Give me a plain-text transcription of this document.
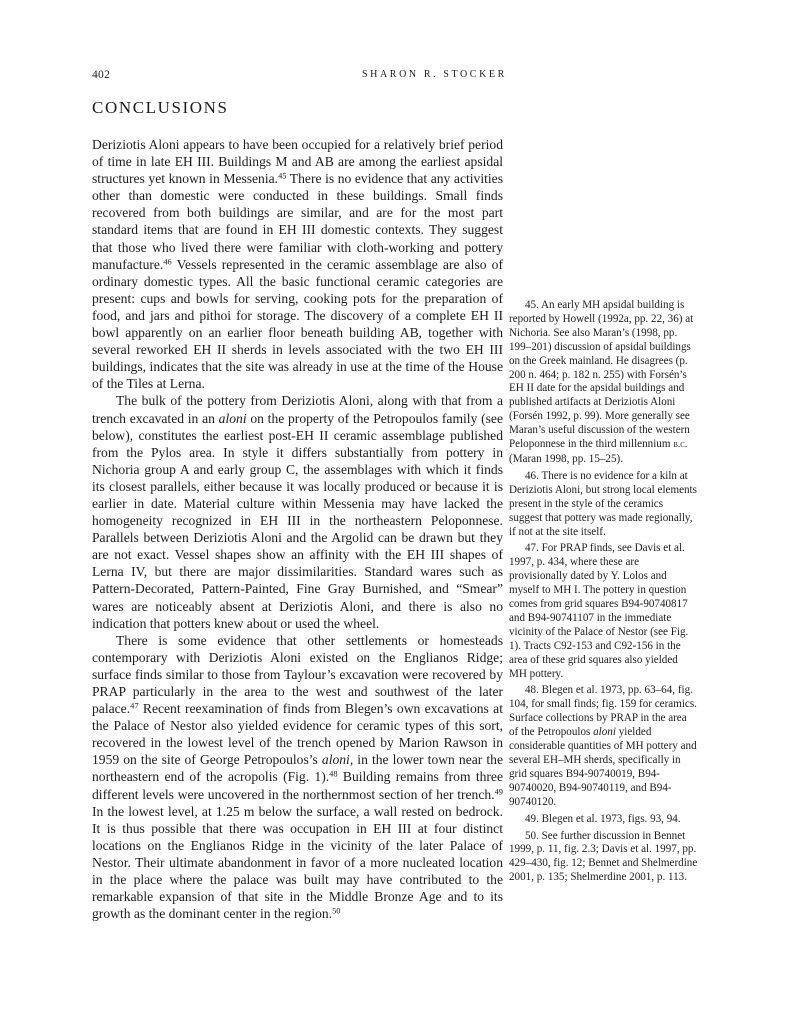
402	SHARON R. STOCKER
CONCLUSIONS

Deriziotis Aloni appears to have been occupied for a relatively brief period of time in late EH III. Buildings M and AB are among the earliest apsidal structures yet known in Messenia.$^{45}$ There is no evidence that any activities other than domestic were conducted in these buildings. Small finds recovered from both buildings are similar, and are for the most part standard items that are found in EH III domestic contexts. They suggest that those who lived there were familiar with cloth-working and pottery manufacture.$^{46}$ Vessels represented in the ceramic assemblage are also of ordinary domestic types. All the basic functional ceramic categories are present: cups and bowls for serving, cooking pots for the preparation of food, and jars and pithoi for storage. The discovery of a complete EH II bowl apparently on an earlier floor beneath building AB, together with several reworked EH II sherds in levels associated with the two EH III buildings, indicates that the site was already in use at the time of the House of the Tiles at Lerna.

The bulk of the pottery from Deriziotis Aloni, along with that from a trench excavated in an aloni on the property of the Petropoulos family (see below), constitutes the earliest post-EH II ceramic assemblage published from the Pylos area. In style it differs substantially from pottery in Nichoria group A and early group C, the assemblages with which it finds its closest parallels, either because it was locally produced or because it is earlier in date. Material culture within Messenia may have lacked the homogeneity recognized in EH III in the northeastern Peloponnese. Parallels between Deriziotis Aloni and the Argolid can be drawn but they are not exact. Vessel shapes show an affinity with the EH III shapes of Lerna IV, but there are major dissimilarities. Standard wares such as Pattern-Decorated, Pattern-Painted, Fine Gray Burnished, and “Smear” wares are noticeably absent at Deriziotis Aloni, and there is also no indication that potters knew about or used the wheel.

There is some evidence that other settlements or homesteads contemporary with Deriziotis Aloni existed on the Englianos Ridge; surface finds similar to those from Taylour’s excavation were recovered by PRAP particularly in the area to the west and southwest of the later palace.$^{47}$ Recent reexamination of finds from Blegen’s own excavations at the Palace of Nestor also yielded evidence for ceramic types of this sort, recovered in the lowest level of the trench opened by Marion Rawson in 1959 on the site of George Petropoulos’s aloni, in the lower town near the northeastern end of the acropolis (Fig. 1).$^{48}$ Building remains from three different levels were uncovered in the northernmost section of her trench.$^{49}$ In the lowest level, at 1.25 m below the surface, a wall rested on bedrock. It is thus possible that there was occupation in EH III at four distinct locations on the Englianos Ridge in the vicinity of the later Palace of Nestor. Their ultimate abandonment in favor of a more nucleated location in the place where the palace was built may have contributed to the remarkable expansion of that site in the Middle Bronze Age and to its growth as the dominant center in the region.$^{50}$

45. An early MH apsidal building is reported by Howell (1992a, pp. 22, 36) at Nichoria. See also Maran’s (1998, pp. 199–201) discussion of apsidal buildings on the Greek mainland. He disagrees (p. 200 n. 464; p. 182 n. 255) with Forsén’s EH II date for the apsidal buildings and published artifacts at Deriziotis Aloni (Forsén 1992, p. 99). More generally see Maran’s useful discussion of the western Peloponnese in the third millennium b.c. (Maran 1998, pp. 15–25).

46. There is no evidence for a kiln at Deriziotis Aloni, but strong local elements present in the style of the ceramics suggest that pottery was made regionally, if not at the site itself.

47. For PRAP finds, see Davis et al. 1997, p. 434, where these are provisionally dated by Y. Lolos and myself to MH I. The pottery in question comes from grid squares B94-90740817 and B94-90741107 in the immediate vicinity of the Palace of Nestor (see Fig. 1). Tracts C92-153 and C92-156 in the area of these grid squares also yielded MH pottery.

48. Blegen et al. 1973, pp. 63–64, fig. 104, for small finds; fig. 159 for ceramics. Surface collections by PRAP in the area of the Petropoulos aloni yielded considerable quantities of MH pottery and several EH–MH sherds, specifically in grid squares B94-90740019, B94-90740020, B94-90740119, and B94-90740120.

49. Blegen et al. 1973, figs. 93, 94.

50. See further discussion in Bennet 1999, p. 11, fig. 2.3; Davis et al. 1997, pp. 429–430, fig. 12; Bennet and Shelmerdine 2001, p. 135; Shelmerdine 2001, p. 113.
